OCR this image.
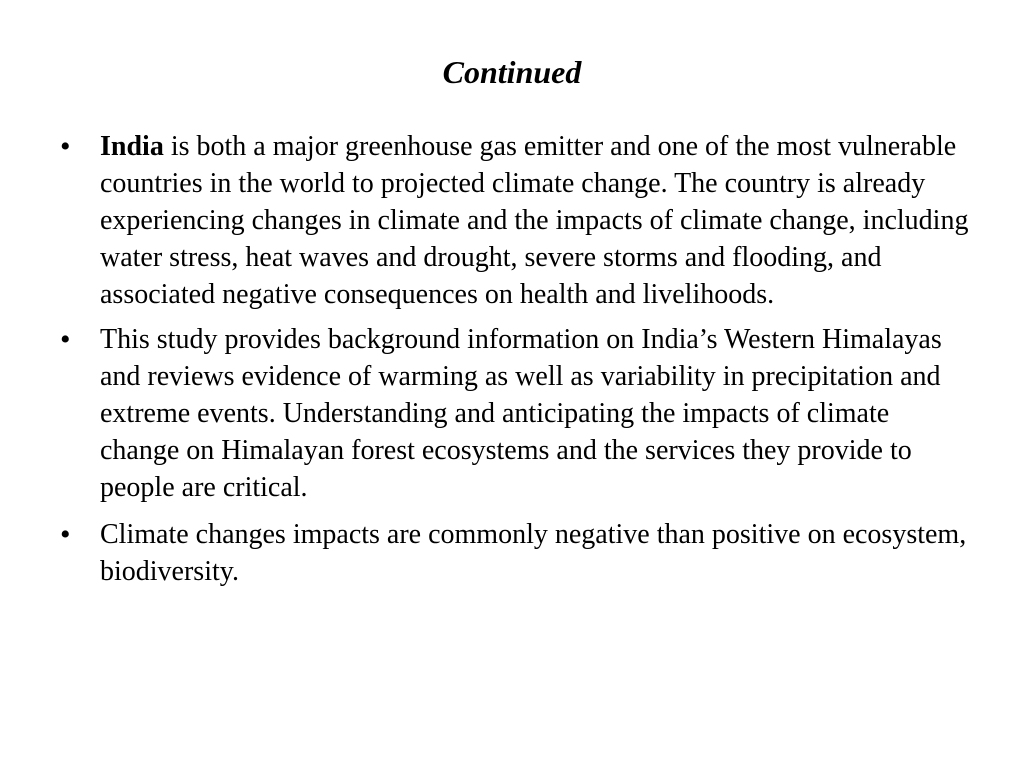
Continued
• India is both a major greenhouse gas emitter and one of the most vulnerable countries in the world to projected climate change. The country is already experiencing changes in climate and the impacts of climate change, including water stress, heat waves and drought, severe storms and flooding, and associated negative consequences on health and livelihoods.
• This study provides background information on India’s Western Himalayas and reviews evidence of warming as well as variability in precipitation and extreme events. Understanding and anticipating the impacts of climate change on Himalayan forest ecosystems and the services they provide to people are critical.
• Climate changes impacts are commonly negative than positive on ecosystem, biodiversity.
